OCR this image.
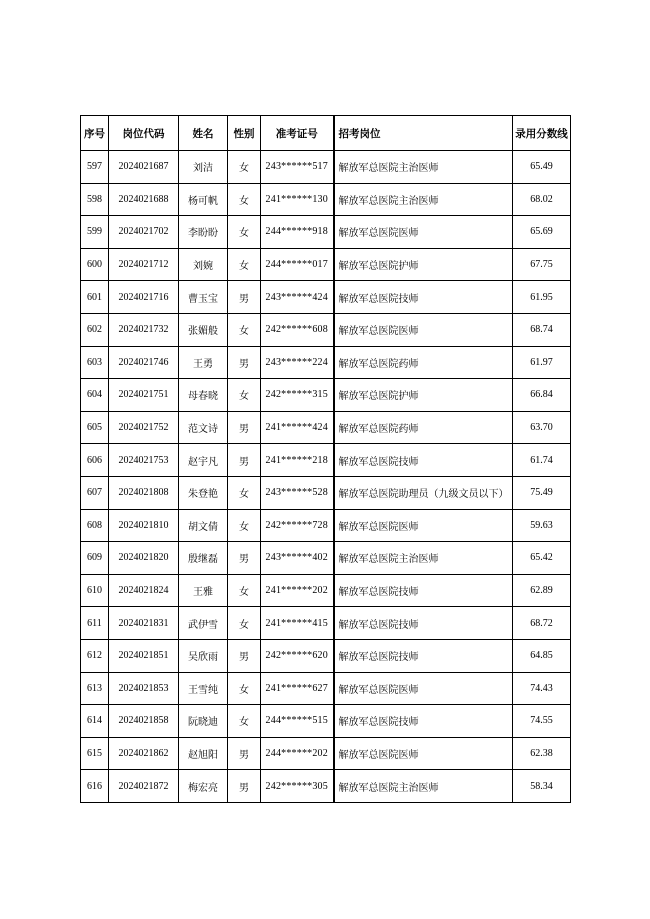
序号	岗位代码	姓名	性别	准考证号	招考岗位	录用分数线
597	2024021687	刘洁	女	243******517	解放军总医院主治医师	65.49
598	2024021688	杨可帆	女	241******130	解放军总医院主治医师	68.02
599	2024021702	李盼盼	女	244******918	解放军总医院医师	65.69
600	2024021712	刘婉	女	244******017	解放军总医院护师	67.75
601	2024021716	曹玉宝	男	243******424	解放军总医院技师	61.95
602	2024021732	张媚般	女	242******608	解放军总医院医师	68.74
603	2024021746	王勇	男	243******224	解放军总医院药师	61.97
604	2024021751	母春晓	女	242******315	解放军总医院护师	66.84
605	2024021752	范文诗	男	241******424	解放军总医院药师	63.70
606	2024021753	赵宇凡	男	241******218	解放军总医院技师	61.74
607	2024021808	朱登艳	女	243******528	解放军总医院助理员（九级文员以下）	75.49
608	2024021810	胡文倩	女	242******728	解放军总医院医师	59.63
609	2024021820	殷继磊	男	243******402	解放军总医院主治医师	65.42
610	2024021824	王雅	女	241******202	解放军总医院技师	62.89
611	2024021831	武伊雪	女	241******415	解放军总医院技师	68.72
612	2024021851	吴欣雨	男	242******620	解放军总医院技师	64.85
613	2024021853	王雪纯	女	241******627	解放军总医院医师	74.43
614	2024021858	阮晓迪	女	244******515	解放军总医院技师	74.55
615	2024021862	赵旭阳	男	244******202	解放军总医院医师	62.38
616	2024021872	梅宏亮	男	242******305	解放军总医院主治医师	58.34
